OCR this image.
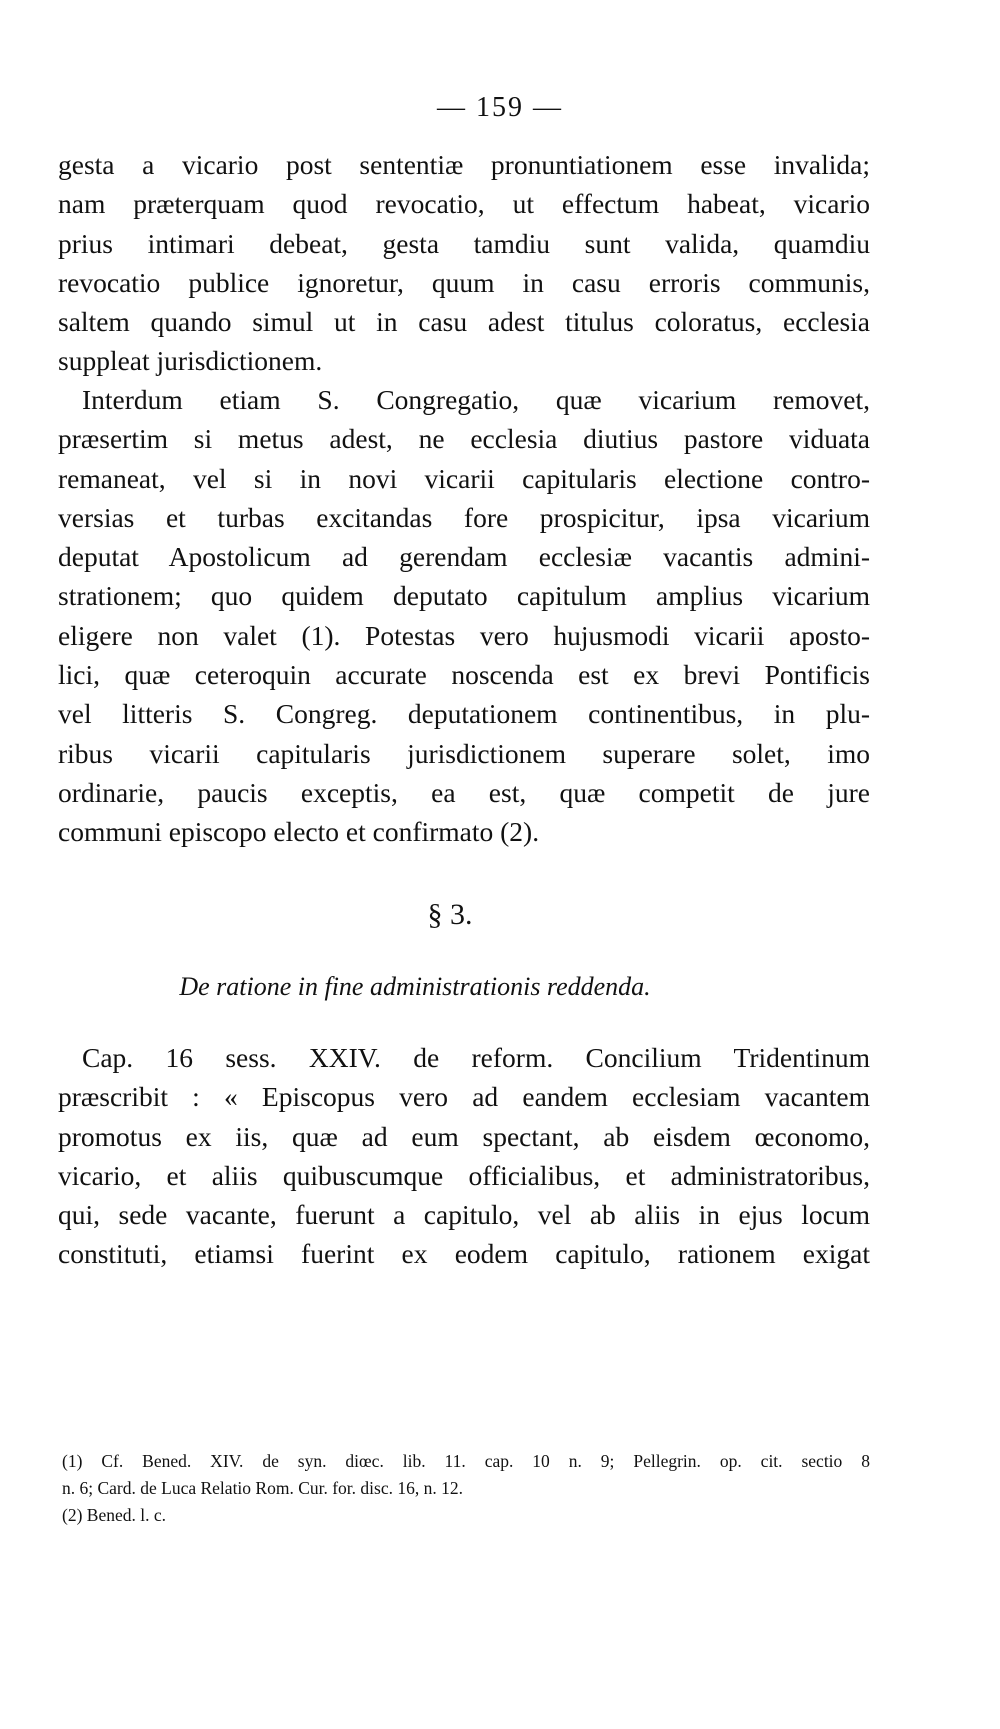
— 159 —
gesta a vicario post sententiæ pronuntiationem esse invalida;
nam præterquam quod revocatio, ut effectum habeat, vicario
prius intimari debeat, gesta tamdiu sunt valida, quamdiu
revocatio publice ignoretur, quum in casu erroris communis,
saltem quando simul ut in casu adest titulus coloratus, ecclesia
suppleat jurisdictionem.
Interdum etiam S. Congregatio, quæ vicarium removet,
præsertim si metus adest, ne ecclesia diutius pastore viduata
remaneat, vel si in novi vicarii capitularis electione contro-
versias et turbas excitandas fore prospicitur, ipsa vicarium
deputat Apostolicum ad gerendam ecclesiæ vacantis admini-
strationem; quo quidem deputato capitulum amplius vicarium
eligere non valet (1). Potestas vero hujusmodi vicarii aposto-
lici, quæ ceteroquin accurate noscenda est ex brevi Pontificis
vel litteris S. Congreg. deputationem continentibus, in plu-
ribus vicarii capitularis jurisdictionem superare solet, imo
ordinarie, paucis exceptis, ea est, quæ competit de jure
communi episcopo electo et confirmato (2).
§ 3.
De ratione in fine administrationis reddenda.
Cap. 16 sess. XXIV. de reform. Concilium Tridentinum
præscribit : « Episcopus vero ad eandem ecclesiam vacantem
promotus ex iis, quæ ad eum spectant, ab eisdem œconomo,
vicario, et aliis quibuscumque officialibus, et administratoribus,
qui, sede vacante, fuerunt a capitulo, vel ab aliis in ejus locum
constituti, etiamsi fuerint ex eodem capitulo, rationem exigat
(1) Cf. Bened. XIV. de syn. diœc. lib. 11. cap. 10 n. 9; Pellegrin. op. cit. sectio 8
n. 6; Card. de Luca Relatio Rom. Cur. for. disc. 16, n. 12.
(2) Bened. l. c.
